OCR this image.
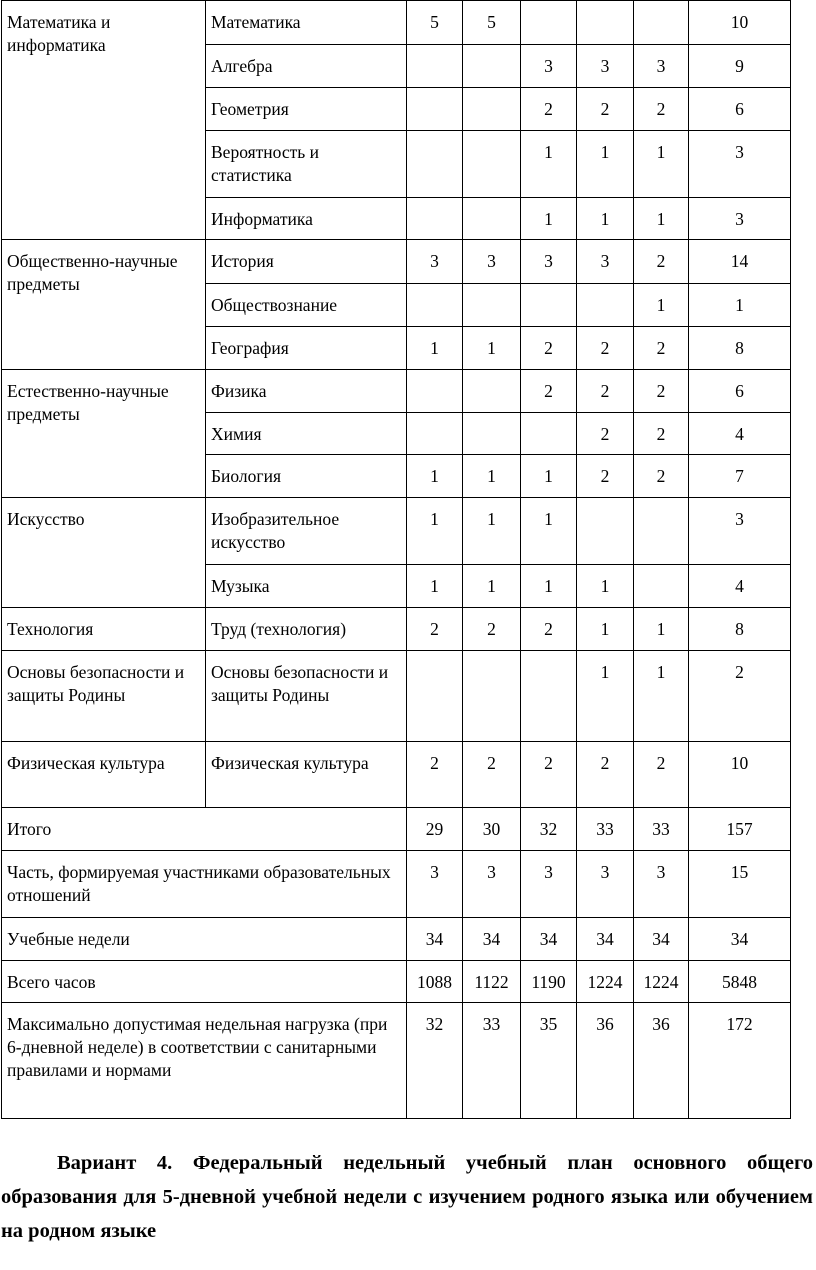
Математика и информатика	Математика	5	5				10
	Алгебра			3	3	3	9
	Геометрия			2	2	2	6
	Вероятность и статистика			1	1	1	3
	Информатика			1	1	1	3
Общественно-научные предметы	История	3	3	3	3	2	14
	Обществознание					1	1
	География	1	1	2	2	2	8
Естественно-научные предметы	Физика			2	2	2	6
	Химия				2	2	4
	Биология	1	1	1	2	2	7
Искусство	Изобразительное искусство	1	1	1			3
	Музыка	1	1	1	1		4
Технология	Труд (технология)	2	2	2	1	1	8
Основы безопасности и защиты Родины	Основы безопасности и защиты Родины				1	1	2
Физическая культура	Физическая культура	2	2	2	2	2	10
Итого		29	30	32	33	33	157
Часть, формируемая участниками образовательных отношений		3	3	3	3	3	15
Учебные недели		34	34	34	34	34	34
Всего часов		1088	1122	1190	1224	1224	5848
Максимально допустимая недельная нагрузка (при 6-дневной неделе) в соответствии с санитарными правилами и нормами		32	33	35	36	36	172

Вариант 4. Федеральный недельный учебный план основного общего образования для 5-дневной учебной недели с изучением родного языка или обучением на родном языке
